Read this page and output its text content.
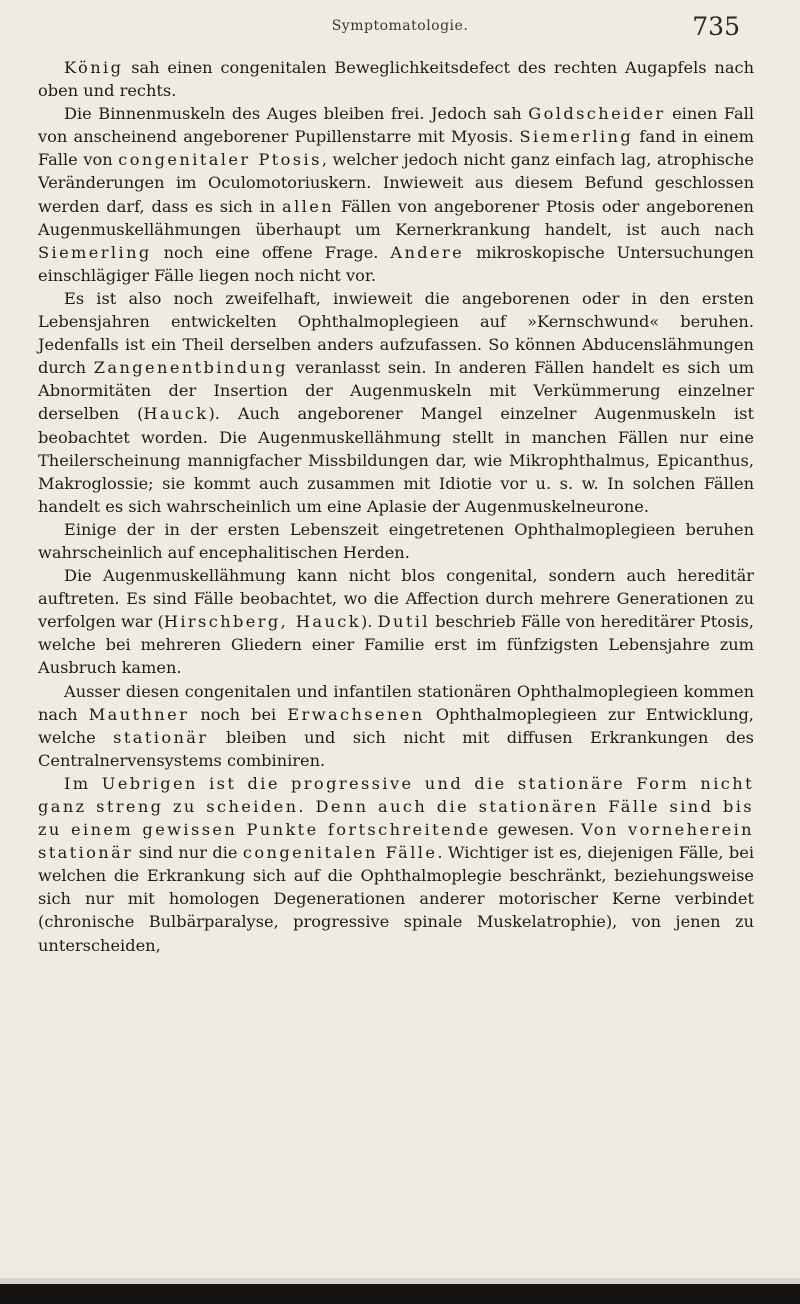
Symptomatologie.	735

König sah einen congenitalen Beweglichkeitsdefect des rechten Augapfels nach oben und rechts.

Die Binnenmuskeln des Auges bleiben frei. Jedoch sah Goldscheider einen Fall von anscheinend angeborener Pupillenstarre mit Myosis. Siemerling fand in einem Falle von congenitaler Ptosis, welcher jedoch nicht ganz einfach lag, atrophische Veränderungen im Oculomotoriuskern. Inwieweit aus diesem Befund geschlossen werden darf, dass es sich in allen Fällen von angeborener Ptosis oder angeborenen Augenmuskellähmungen überhaupt um Kernerkrankung handelt, ist auch nach Siemerling noch eine offene Frage. Andere mikroskopische Untersuchungen einschlägiger Fälle liegen noch nicht vor.

Es ist also noch zweifelhaft, inwieweit die angeborenen oder in den ersten Lebensjahren entwickelten Ophthalmoplegieen auf »Kernschwund« beruhen. Jedenfalls ist ein Theil derselben anders aufzufassen. So können Abducenslähmungen durch Zangenentbindung veranlasst sein. In anderen Fällen handelt es sich um Abnormitäten der Insertion der Augenmuskeln mit Verkümmerung einzelner derselben (Hauck). Auch angeborener Mangel einzelner Augenmuskeln ist beobachtet worden. Die Augenmuskellähmung stellt in manchen Fällen nur eine Theilerscheinung mannigfacher Missbildungen dar, wie Mikrophthalmus, Epicanthus, Makroglossie; sie kommt auch zusammen mit Idiotie vor u. s. w. In solchen Fällen handelt es sich wahrscheinlich um eine Aplasie der Augenmuskelneurone.

Einige der in der ersten Lebenszeit eingetretenen Ophthalmoplegieen beruhen wahrscheinlich auf encephalitischen Herden.

Die Augenmuskellähmung kann nicht blos congenital, sondern auch hereditär auftreten. Es sind Fälle beobachtet, wo die Affection durch mehrere Generationen zu verfolgen war (Hirschberg, Hauck). Dutil beschrieb Fälle von hereditärer Ptosis, welche bei mehreren Gliedern einer Familie erst im fünfzigsten Lebensjahre zum Ausbruch kamen.

Ausser diesen congenitalen und infantilen stationären Ophthalmoplegieen kommen nach Mauthner noch bei Erwachsenen Ophthalmoplegieen zur Entwicklung, welche stationär bleiben und sich nicht mit diffusen Erkrankungen des Centralnervensystems combiniren.

Im Uebrigen ist die progressive und die stationäre Form nicht ganz streng zu scheiden. Denn auch die stationären Fälle sind bis zu einem gewissen Punkte fortschreitende gewesen. Von vorneherein stationär sind nur die congenitalen Fälle. Wichtiger ist es, diejenigen Fälle, bei welchen die Erkrankung sich auf die Ophthalmoplegie beschränkt, beziehungsweise sich nur mit homologen Degenerationen anderer motorischer Kerne verbindet (chronische Bulbärparalyse, progressive spinale Muskelatrophie), von jenen zu unterscheiden,
